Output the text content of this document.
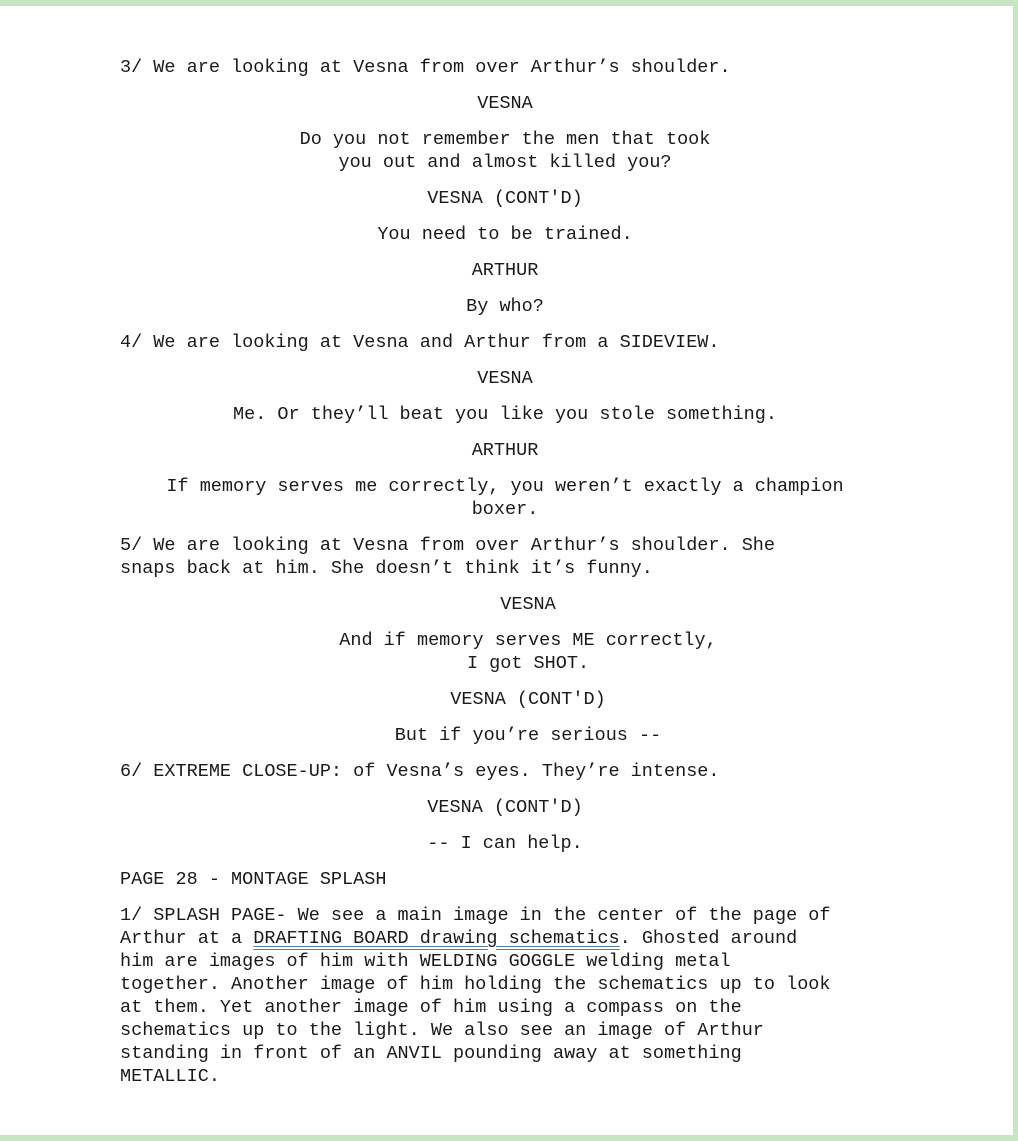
3/ We are looking at Vesna from over Arthur’s shoulder.
VESNA
Do you not remember the men that took
you out and almost killed you?
VESNA (CONT'D)
You need to be trained.
ARTHUR
By who?
4/ We are looking at Vesna and Arthur from a SIDEVIEW.
VESNA
Me. Or they’ll beat you like you stole something.
ARTHUR
If memory serves me correctly, you weren’t exactly a champion
boxer.
5/ We are looking at Vesna from over Arthur’s shoulder. She
snaps back at him. She doesn’t think it’s funny.
VESNA
And if memory serves ME correctly,
I got SHOT.
VESNA (CONT'D)
But if you’re serious --
6/ EXTREME CLOSE-UP: of Vesna’s eyes. They’re intense.
VESNA (CONT'D)
-- I can help.
PAGE 28 - MONTAGE SPLASH
1/ SPLASH PAGE- We see a main image in the center of the page of
Arthur at a DRAFTING BOARD drawing schematics. Ghosted around
him are images of him with WELDING GOGGLE welding metal
together. Another image of him holding the schematics up to look
at them. Yet another image of him using a compass on the
schematics up to the light. We also see an image of Arthur
standing in front of an ANVIL pounding away at something
METALLIC.
